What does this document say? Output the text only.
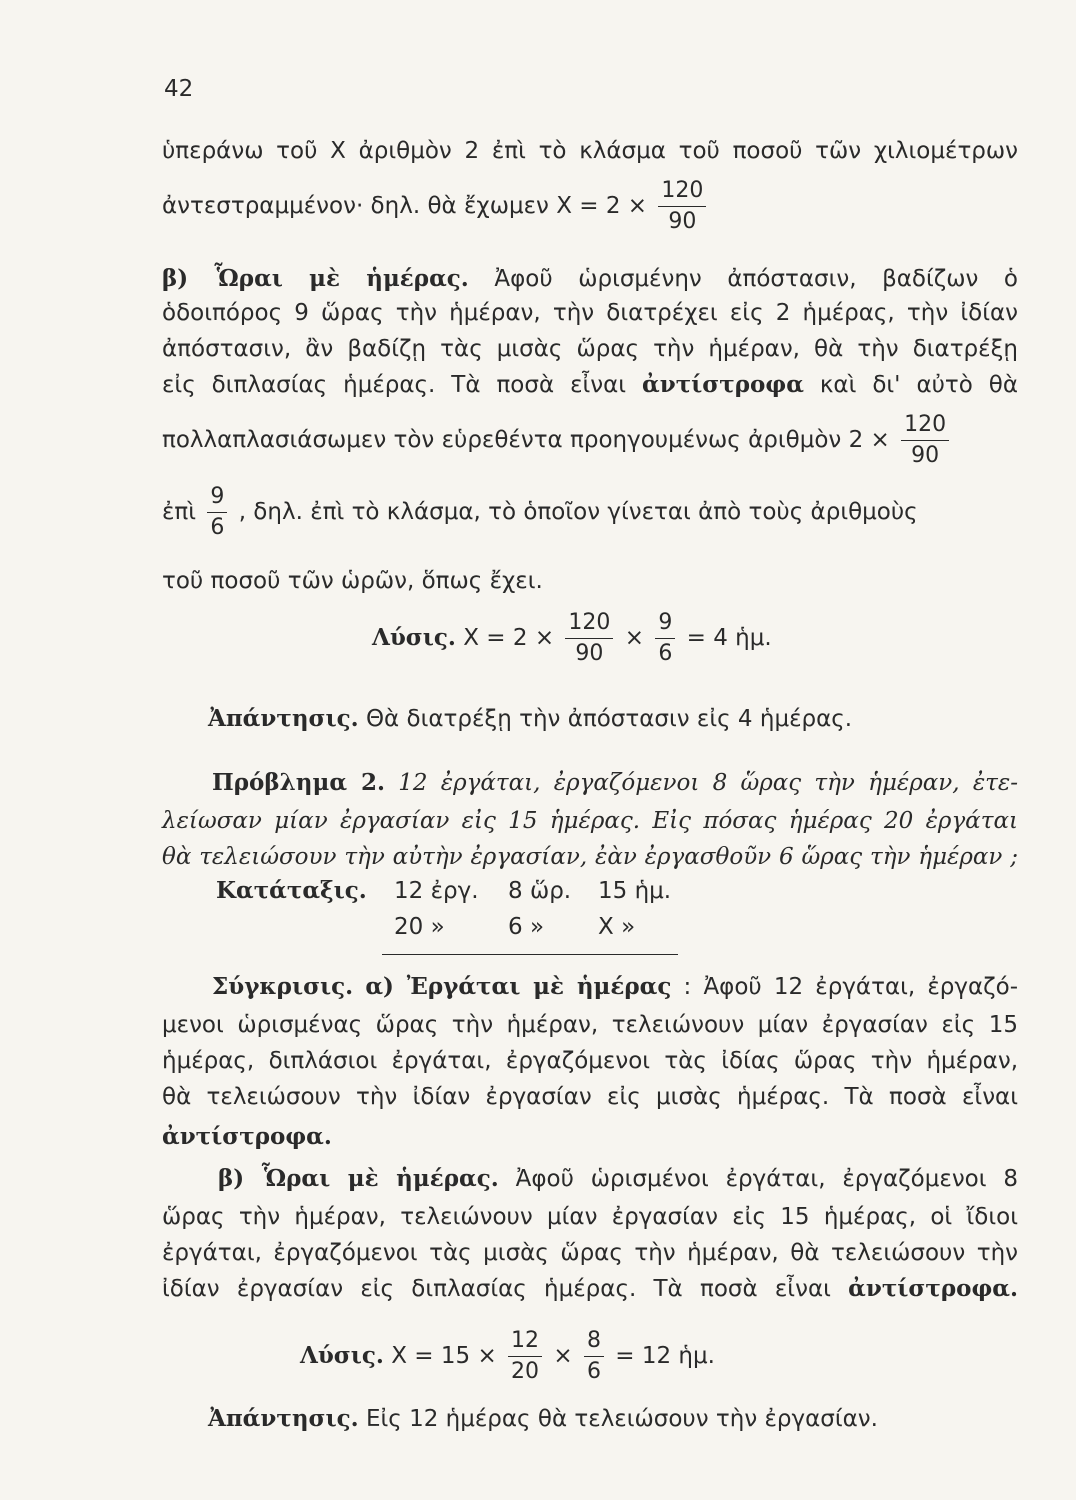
42
ὑπεράνω τοῦ Χ ἀριθμὸν 2 ἐπὶ τὸ κλάσμα τοῦ ποσοῦ τῶν χιλιομέτρων
ἀντεστραμμένον· δηλ. θὰ ἔχωμεν $X = 2 \times \frac{120}{90}$
β) Ὧραι μὲ ἡμέρας. Ἀφοῦ ὡρισμένην ἀπόστασιν, βαδίζων ὁ
ὁδοιπόρος 9 ὥρας τὴν ἡμέραν, τὴν διατρέχει εἰς 2 ἡμέρας, τὴν ἰδίαν
ἀπόστασιν, ἂν βαδίζῃ τὰς μισὰς ὥρας τὴν ἡμέραν, θὰ τὴν διατρέξῃ
εἰς διπλασίας ἡμέρας. Τὰ ποσὰ εἶναι ἀντίστροφα καὶ δι' αὐτὸ θὰ
πολλαπλασιάσωμεν τὸν εὑρεθέντα προηγουμένως ἀριθμὸν $2 \times \frac{120}{90}$
ἐπὶ $\frac{9}{6}$ , δηλ. ἐπὶ τὸ κλάσμα, τὸ ὁποῖον γίνεται ἀπὸ τοὺς ἀριθμοὺς
τοῦ ποσοῦ τῶν ὡρῶν, ὅπως ἔχει.
Λύσις. $X = 2 \times \frac{120}{90} \times \frac{9}{6} = 4$ ἡμ.
Ἀπάντησις. Θὰ διατρέξῃ τὴν ἀπόστασιν εἰς 4 ἡμέρας.
Πρόβλημα 2. 12 ἐργάται, ἐργαζόμενοι 8 ὥρας τὴν ἡμέραν, ἐτε-
λείωσαν μίαν ἐργασίαν εἰς 15 ἡμέρας. Εἰς πόσας ἡμέρας 20 ἐργάται
θὰ τελειώσουν τὴν αὐτὴν ἐργασίαν, ἐὰν ἐργασθοῦν 6 ὥρας τὴν ἡμέραν ;
Κατάταξις. 12 ἐργ. 8 ὥρ. 15 ἡμ.
20 »	6 » Χ »
Σύγκρισις. α) Ἐργάται μὲ ἡμέρας : Ἀφοῦ 12 ἐργάται, ἐργαζό-
μενοι ὡρισμένας ὥρας τὴν ἡμέραν, τελειώνουν μίαν ἐργασίαν εἰς 15
ἡμέρας, διπλάσιοι ἐργάται, ἐργαζόμενοι τὰς ἰδίας ὥρας τὴν ἡμέραν,
θὰ τελειώσουν τὴν ἰδίαν ἐργασίαν εἰς μισὰς ἡμέρας. Τὰ ποσὰ εἶναι
ἀντίστροφα.
β) Ὧραι μὲ ἡμέρας. Ἀφοῦ ὡρισμένοι ἐργάται, ἐργαζόμενοι 8
ὥρας τὴν ἡμέραν, τελειώνουν μίαν ἐργασίαν εἰς 15 ἡμέρας, οἱ ἴδιοι
ἐργάται, ἐργαζόμενοι τὰς μισὰς ὥρας τὴν ἡμέραν, θὰ τελειώσουν τὴν
ἰδίαν ἐργασίαν εἰς διπλασίας ἡμέρας. Τὰ ποσὰ εἶναι ἀντίστροφα.
Λύσις. $X = 15 \times \frac{12}{20} \times \frac{8}{6} = 12$ ἡμ.
Ἀπάντησις. Εἰς 12 ἡμέρας θὰ τελειώσουν τὴν ἐργασίαν.
